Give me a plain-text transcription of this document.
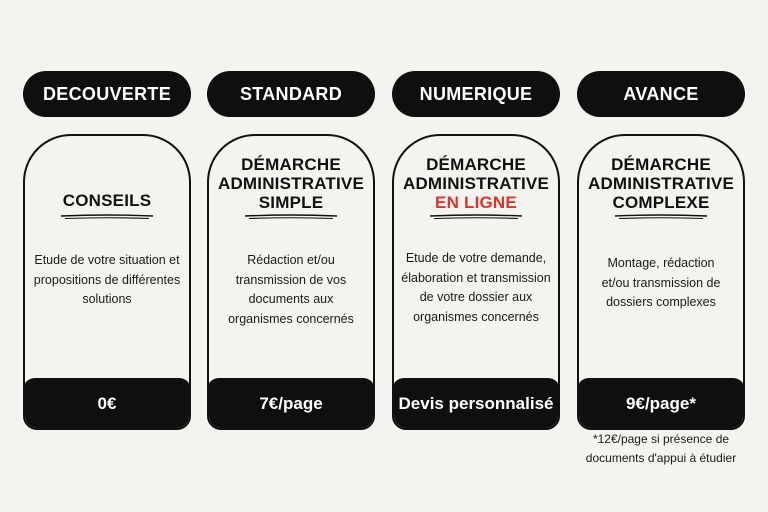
DECOUVERTE
CONSEILS
Etude de votre situation et propositions de différentes solutions
0€
STANDARD
DÉMARCHE
ADMINISTRATIVE
SIMPLE
Rédaction et/ou transmission de vos documents aux organismes concernés
7€/page
NUMERIQUE
DÉMARCHE
ADMINISTRATIVE
EN LIGNE
Etude de votre demande, élaboration et transmission de votre dossier aux organismes concernés
Devis personnalisé
AVANCE
DÉMARCHE
ADMINISTRATIVE
COMPLEXE
Montage, rédaction et/ou transmission de dossiers complexes
9€/page*
*12€/page si présence de documents d'appui à étudier
